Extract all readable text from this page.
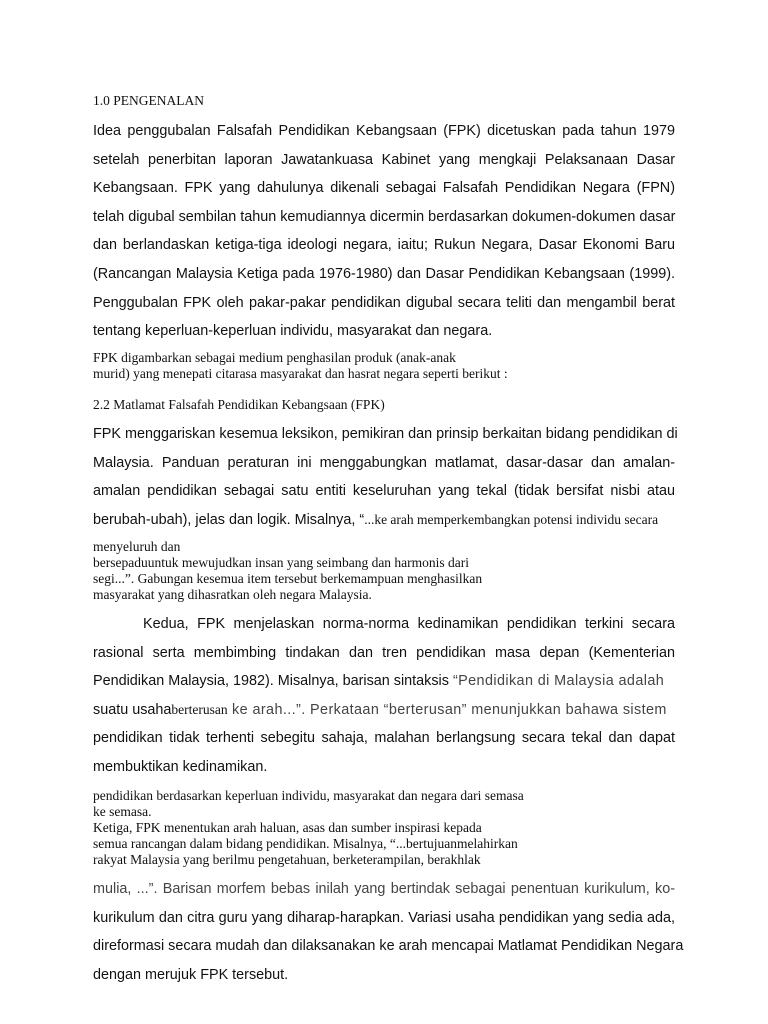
1.0 PENGENALAN
Idea penggubalan Falsafah Pendidikan Kebangsaan (FPK) dicetuskan pada tahun 1979
setelah penerbitan laporan Jawatankuasa Kabinet yang mengkaji Pelaksanaan Dasar
Kebangsaan. FPK yang dahulunya dikenali sebagai Falsafah Pendidikan Negara (FPN)
telah digubal sembilan tahun kemudiannya dicermin berdasarkan dokumen-dokumen dasar
dan berlandaskan ketiga-tiga ideologi negara, iaitu; Rukun Negara, Dasar Ekonomi Baru
(Rancangan Malaysia Ketiga pada 1976-1980) dan Dasar Pendidikan Kebangsaan (1999).
Penggubalan FPK oleh pakar-pakar pendidikan digubal secara teliti dan mengambil berat
tentang keperluan-keperluan individu, masyarakat dan negara.
FPK digambarkan sebagai medium penghasilan produk (anak-anak
murid) yang menepati citarasa masyarakat dan hasrat negara seperti berikut :
2.2 Matlamat Falsafah Pendidikan Kebangsaan (FPK)
FPK menggariskan kesemua leksikon, pemikiran dan prinsip berkaitan bidang pendidikan di
Malaysia. Panduan peraturan ini menggabungkan matlamat, dasar-dasar dan amalan-
amalan pendidikan sebagai satu entiti keseluruhan yang tekal (tidak bersifat nisbi atau
berubah-ubah), jelas dan logik. Misalnya, “...ke arah memperkembangkan potensi individu secara
menyeluruh dan
bersepaduuntuk mewujudkan insan yang seimbang dan harmonis dari
segi...”. Gabungan kesemua item tersebut berkemampuan menghasilkan
masyarakat yang dihasratkan oleh negara Malaysia.
Kedua, FPK menjelaskan norma-norma kedinamikan pendidikan terkini secara
rasional serta membimbing tindakan dan tren pendidikan masa depan (Kementerian
Pendidikan Malaysia, 1982). Misalnya, barisan sintaksis “Pendidikan di Malaysia adalah
suatu usahaberterusan ke arah...”. Perkataan “berterusan” menunjukkan bahawa sistem
pendidikan tidak terhenti sebegitu sahaja, malahan berlangsung secara tekal dan dapat
membuktikan kedinamikan.
pendidikan berdasarkan keperluan individu, masyarakat dan negara dari semasa
ke semasa.
Ketiga, FPK menentukan arah haluan, asas dan sumber inspirasi kepada
semua rancangan dalam bidang pendidikan. Misalnya, “...bertujuanmelahirkan
rakyat Malaysia yang berilmu pengetahuan, berketerampilan, berakhlak
mulia, ...”. Barisan morfem bebas inilah yang bertindak sebagai penentuan kurikulum, ko-
kurikulum dan citra guru yang diharap-harapkan. Variasi usaha pendidikan yang sedia ada,
direformasi secara mudah dan dilaksanakan ke arah mencapai Matlamat Pendidikan Negara
dengan merujuk FPK tersebut.
